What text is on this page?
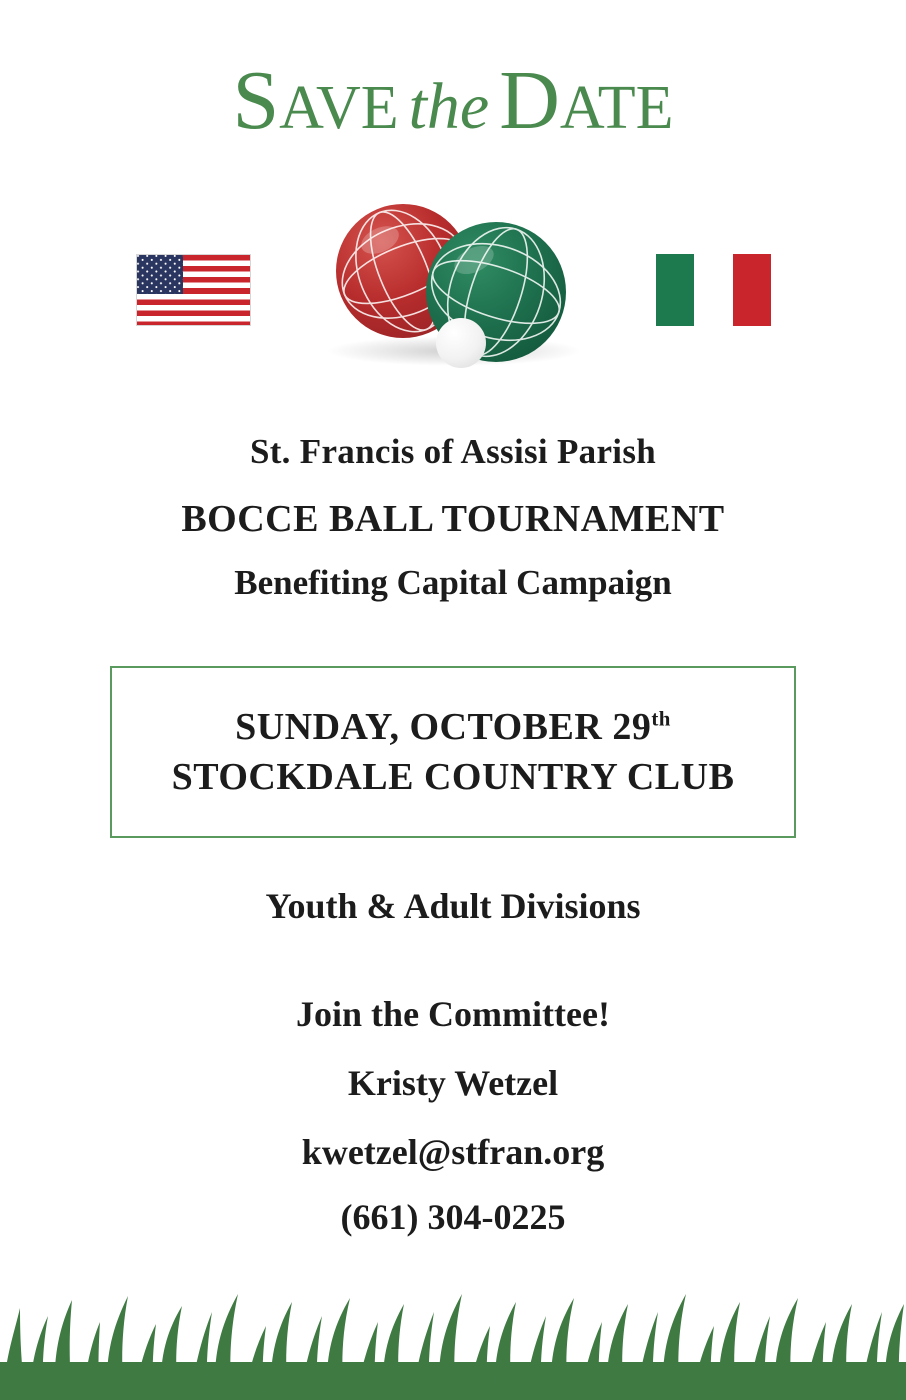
SAVE the DATE
St. Francis of Assisi Parish
BOCCE BALL TOURNAMENT
Benefiting Capital Campaign
SUNDAY, OCTOBER 29th
STOCKDALE COUNTRY CLUB
Youth & Adult Divisions
Join the Committee!
Kristy Wetzel
kwetzel@stfran.org
(661) 304-0225
